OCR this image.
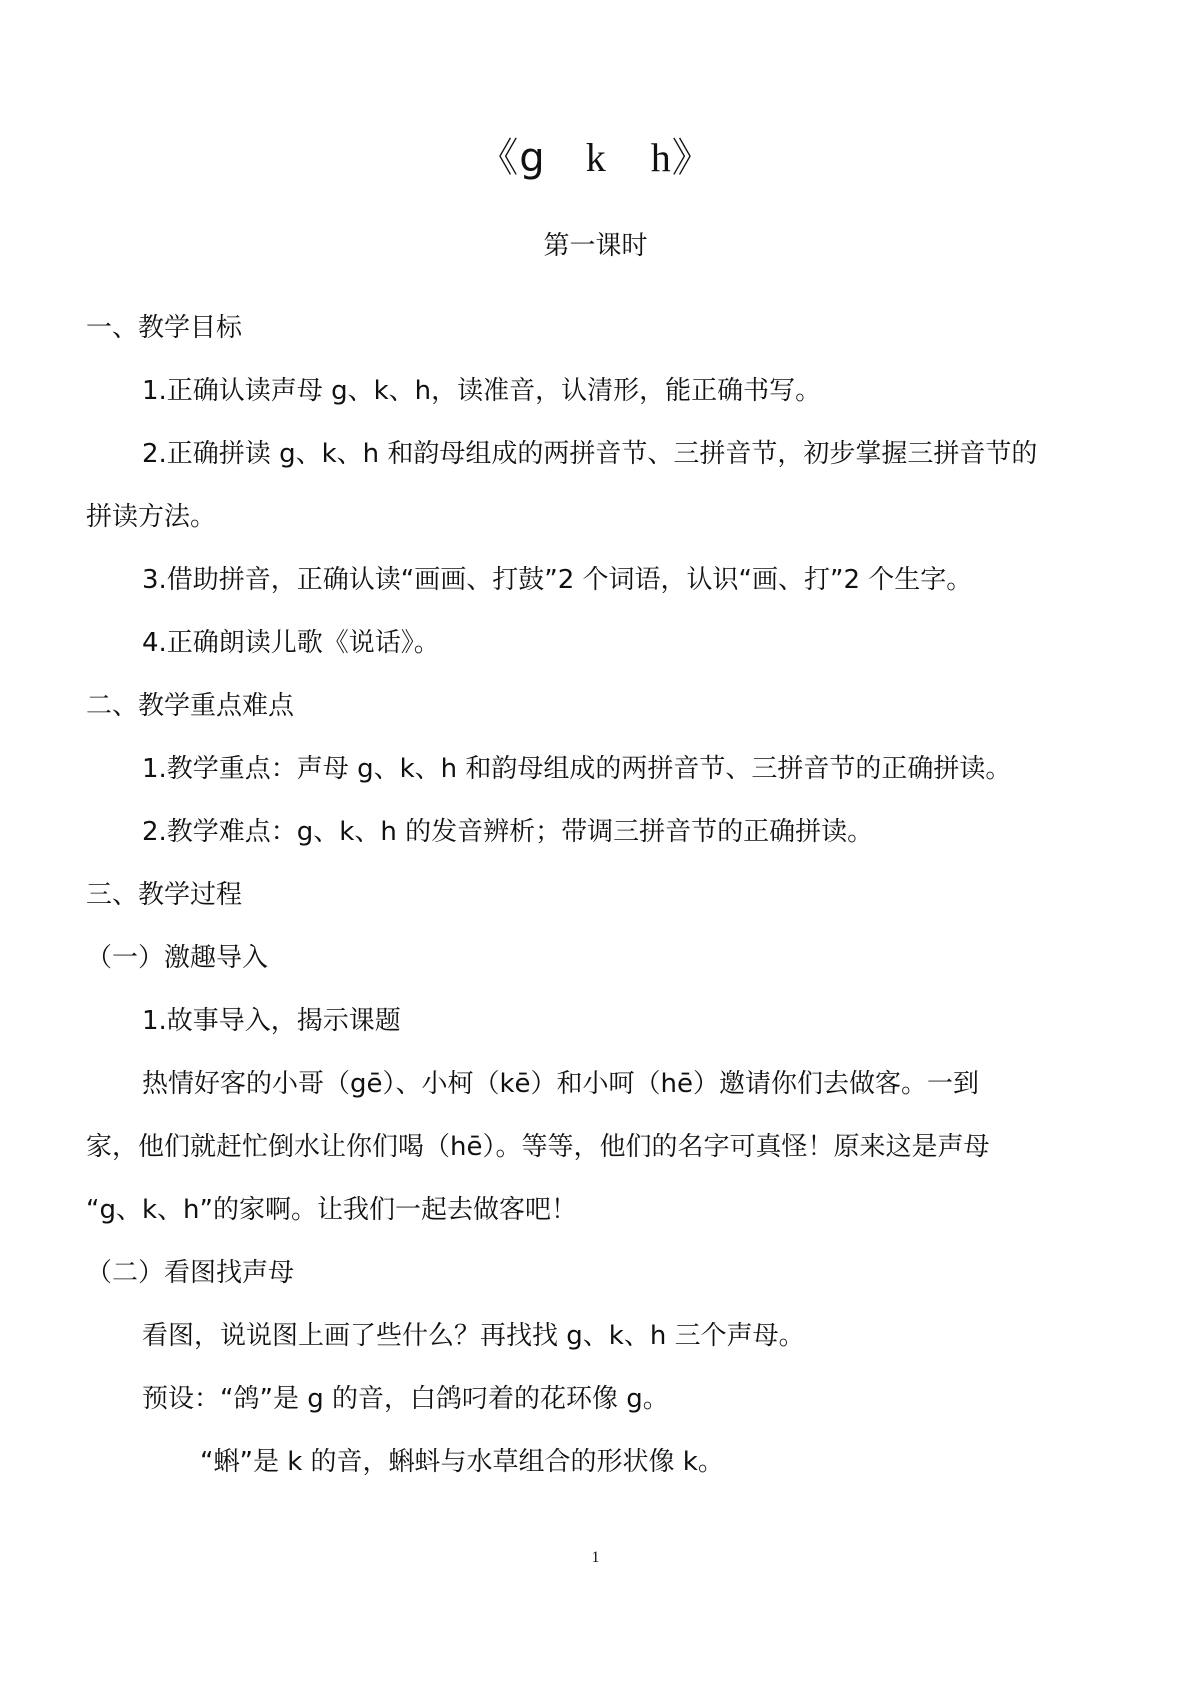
《g k h》
第一课时
一、教学目标
1.正确认读声母 g、k、h，读准音，认清形，能正确书写。
2.正确拼读 g、k、h 和韵母组成的两拼音节、三拼音节，初步掌握三拼音节的
拼读方法。
3.借助拼音，正确认读“画画、打鼓”2 个词语，认识“画、打”2 个生字。
4.正确朗读儿歌《说话》。
二、教学重点难点
1.教学重点：声母 g、k、h 和韵母组成的两拼音节、三拼音节的正确拼读。
2.教学难点：g、k、h 的发音辨析；带调三拼音节的正确拼读。
三、教学过程
（一）激趣导入
1.故事导入，揭示课题
热情好客的小哥（gē）、小柯（kē）和小呵（hē）邀请你们去做客。一到
家，他们就赶忙倒水让你们喝（hē）。等等，他们的名字可真怪！原来这是声母
“g、k、h”的家啊。让我们一起去做客吧！
（二）看图找声母
看图，说说图上画了些什么？再找找 g、k、h 三个声母。
预设：“鸽”是 g 的音，白鸽叼着的花环像 g。
“蝌”是 k 的音，蝌蚪与水草组合的形状像 k。
1
